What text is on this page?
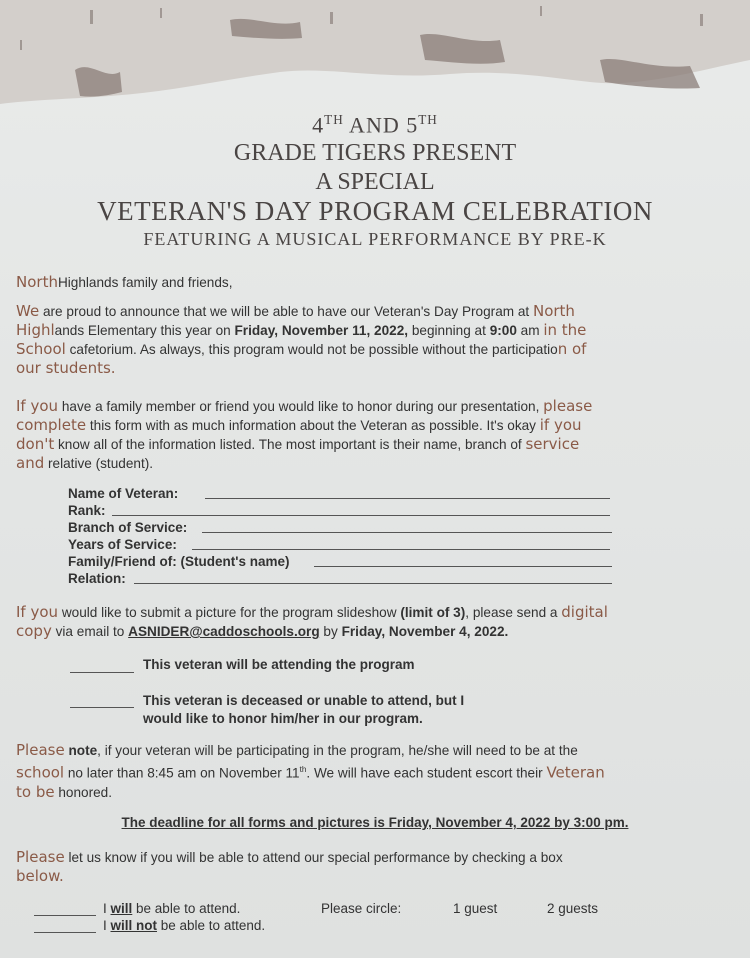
4TH AND 5TH
GRADE TIGERS PRESENT
A SPECIAL
VETERAN'S DAY PROGRAM CELEBRATION
FEATURING A MUSICAL PERFORMANCE BY PRE-K
NorthHighlands family and friends,
We are proud to announce that we will be able to have our Veteran's Day Program at North
Highlands Elementary this year on Friday, November 11, 2022, beginning at 9:00 am in the
School cafetorium. As always, this program would not be possible without the participation of
our students.
If you have a family member or friend you would like to honor during our presentation, please
complete this form with as much information about the Veteran as possible. It's okay if you
don't know all of the information listed. The most important is their name, branch of service
and relative (student).
Name of Veteran:
Rank:
Branch of Service:
Years of Service:
Family/Friend of: (Student's name)
Relation:
If you would like to submit a picture for the program slideshow (limit of 3), please send a digital
copy via email to ASNIDER@caddoschools.org by Friday, November 4, 2022.
This veteran will be attending the program
This veteran is deceased or unable to attend, but I
would like to honor him/her in our program.
Please note, if your veteran will be participating in the program, he/she will need to be at the
school no later than 8:45 am on November 11th. We will have each student escort their Veteran
to be honored.
The deadline for all forms and pictures is Friday, November 4, 2022 by 3:00 pm.
Please let us know if you will be able to attend our special performance by checking a box
below.
I will be able to attend.	Please circle:	1 guest	2 guests
I will not be able to attend.
